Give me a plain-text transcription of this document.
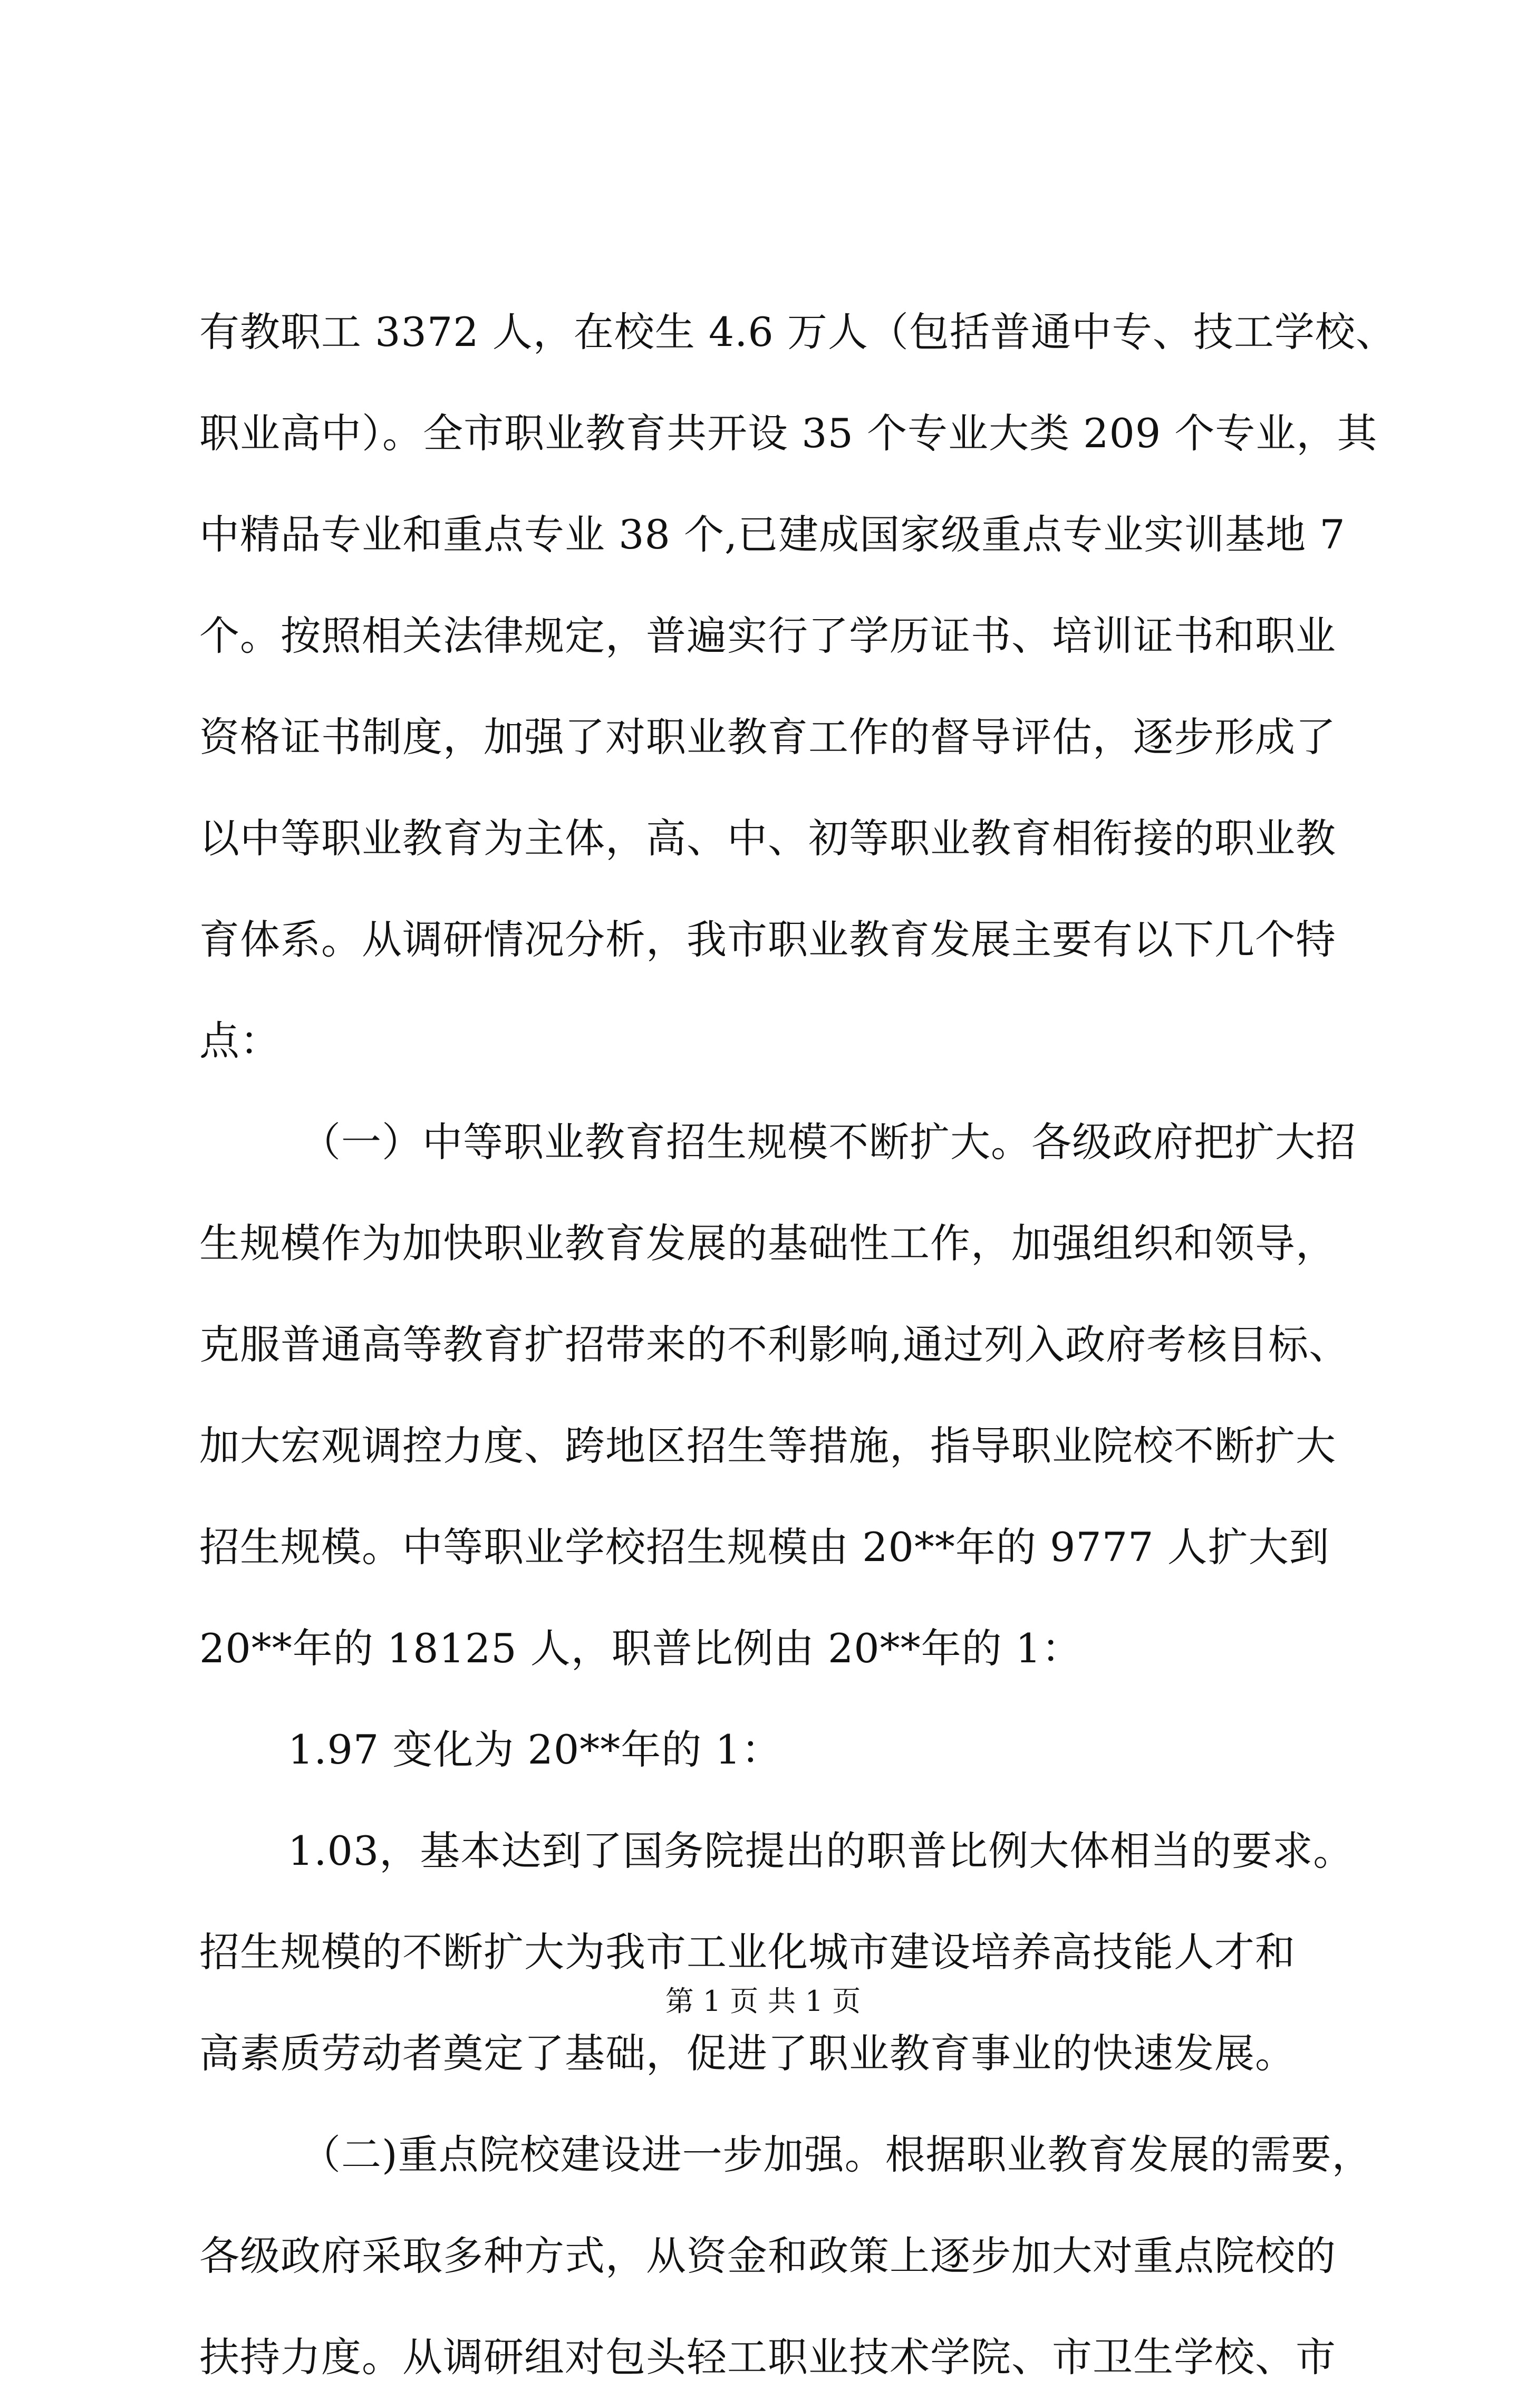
有教职工 3372 人，在校生 4.6 万人（包括普通中专、技工学校、
职业高中）。全市职业教育共开设 35 个专业大类 209 个专业，其
中精品专业和重点专业 38 个,已建成国家级重点专业实训基地 7
个。按照相关法律规定，普遍实行了学历证书、培训证书和职业
资格证书制度，加强了对职业教育工作的督导评估，逐步形成了
以中等职业教育为主体，高、中、初等职业教育相衔接的职业教
育体系。从调研情况分析，我市职业教育发展主要有以下几个特
点：
（一）中等职业教育招生规模不断扩大。各级政府把扩大招
生规模作为加快职业教育发展的基础性工作，加强组织和领导，
克服普通高等教育扩招带来的不利影响,通过列入政府考核目标、
加大宏观调控力度、跨地区招生等措施，指导职业院校不断扩大
招生规模。中等职业学校招生规模由 20**年的 9777 人扩大到
20**年的 18125 人，职普比例由 20**年的 1：
1.97 变化为 20**年的 1：
1.03，基本达到了国务院提出的职普比例大体相当的要求。
招生规模的不断扩大为我市工业化城市建设培养高技能人才和
高素质劳动者奠定了基础，促进了职业教育事业的快速发展。
（二)重点院校建设进一步加强。根据职业教育发展的需要，
各级政府采取多种方式，从资金和政策上逐步加大对重点院校的
扶持力度。从调研组对包头轻工职业技术学院、市卫生学校、市
第 1 页 共 1 页
